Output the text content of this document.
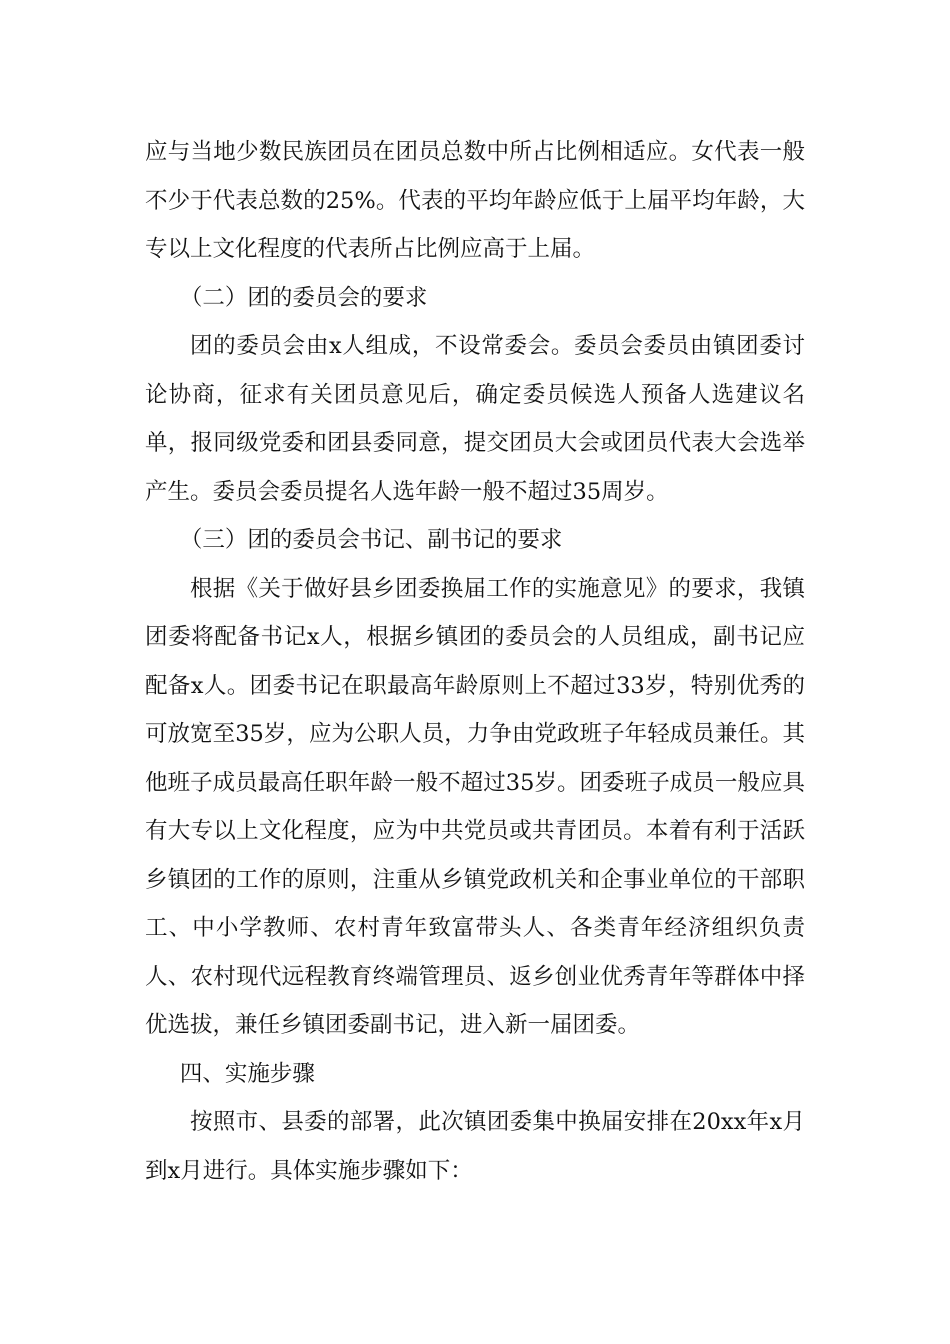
应与当地少数民族团员在团员总数中所占比例相适应。女代表一般不少于代表总数的25%。代表的平均年龄应低于上届平均年龄，大专以上文化程度的代表所占比例应高于上届。

（二）团的委员会的要求

团的委员会由x人组成，不设常委会。委员会委员由镇团委讨论协商，征求有关团员意见后，确定委员候选人预备人选建议名单，报同级党委和团县委同意，提交团员大会或团员代表大会选举产生。委员会委员提名人选年龄一般不超过35周岁。

（三）团的委员会书记、副书记的要求

根据《关于做好县乡团委换届工作的实施意见》的要求，我镇团委将配备书记x人，根据乡镇团的委员会的人员组成，副书记应配备x人。团委书记在职最高年龄原则上不超过33岁，特别优秀的可放宽至35岁，应为公职人员，力争由党政班子年轻成员兼任。其他班子成员最高任职年龄一般不超过35岁。团委班子成员一般应具有大专以上文化程度，应为中共党员或共青团员。本着有利于活跃乡镇团的工作的原则，注重从乡镇党政机关和企事业单位的干部职工、中小学教师、农村青年致富带头人、各类青年经济组织负责人、农村现代远程教育终端管理员、返乡创业优秀青年等群体中择优选拔，兼任乡镇团委副书记，进入新一届团委。

四、实施步骤

按照市、县委的部署，此次镇团委集中换届安排在20xx年x月到x月进行。具体实施步骤如下：
